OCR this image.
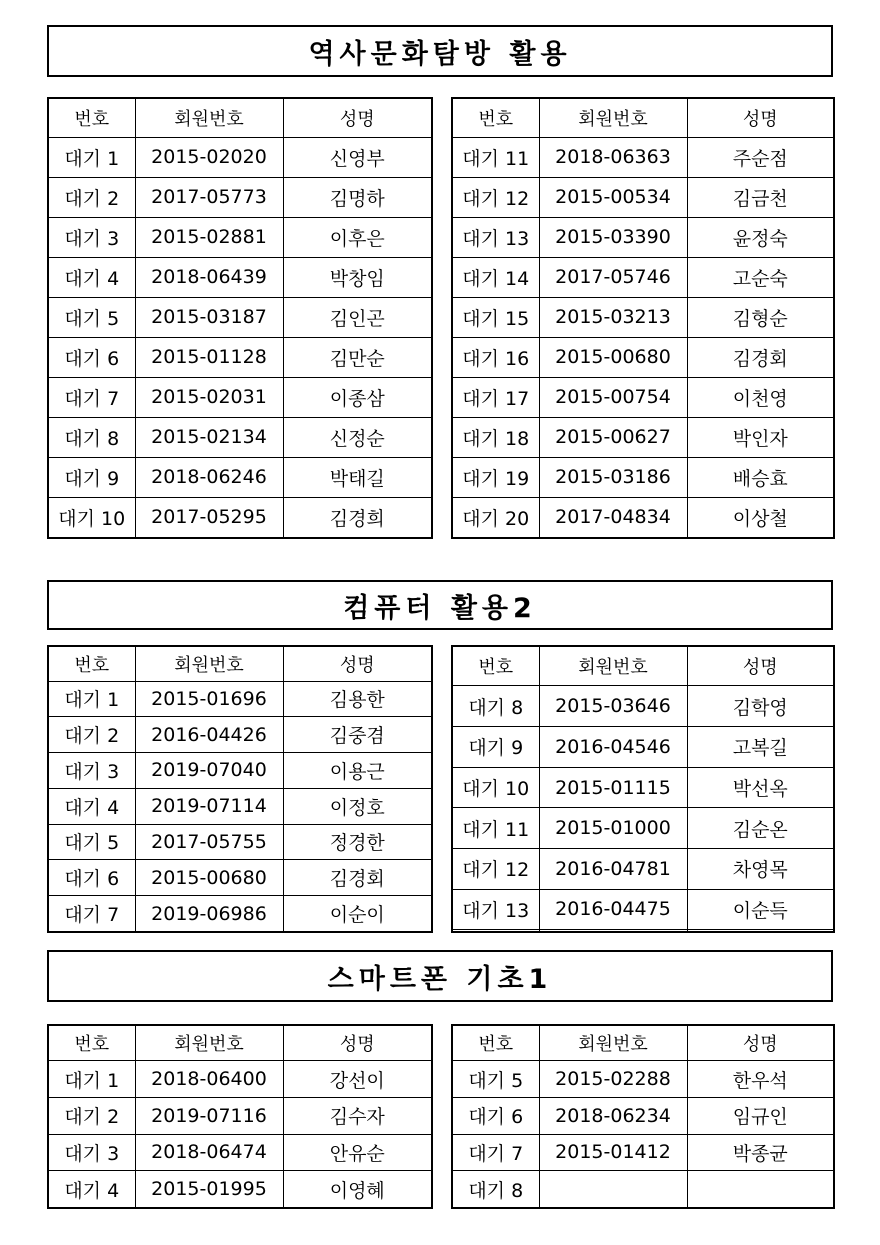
역사문화탐방 활용
번호	회원번호	성명
대기 1	2015-02020	신영부
대기 2	2017-05773	김명하
대기 3	2015-02881	이후은
대기 4	2018-06439	박창임
대기 5	2015-03187	김인곤
대기 6	2015-01128	김만순
대기 7	2015-02031	이종삼
대기 8	2015-02134	신정순
대기 9	2018-06246	박태길
대기 10	2017-05295	김경희
번호	회원번호	성명
대기 11	2018-06363	주순점
대기 12	2015-00534	김금천
대기 13	2015-03390	윤정숙
대기 14	2017-05746	고순숙
대기 15	2015-03213	김형순
대기 16	2015-00680	김경회
대기 17	2015-00754	이천영
대기 18	2015-00627	박인자
대기 19	2015-03186	배승효
대기 20	2017-04834	이상철
컴퓨터 활용2
번호	회원번호	성명
대기 1	2015-01696	김용한
대기 2	2016-04426	김중겸
대기 3	2019-07040	이용근
대기 4	2019-07114	이정호
대기 5	2017-05755	정경한
대기 6	2015-00680	김경회
대기 7	2019-06986	이순이
번호	회원번호	성명
대기 8	2015-03646	김학영
대기 9	2016-04546	고복길
대기 10	2015-01115	박선옥
대기 11	2015-01000	김순온
대기 12	2016-04781	차영목
대기 13	2016-04475	이순득

스마트폰 기초1
번호	회원번호	성명
대기 1	2018-06400	강선이
대기 2	2019-07116	김수자
대기 3	2018-06474	안유순
대기 4	2015-01995	이영혜
번호	회원번호	성명
대기 5	2015-02288	한우석
대기 6	2018-06234	임규인
대기 7	2015-01412	박종균
대기 8		
